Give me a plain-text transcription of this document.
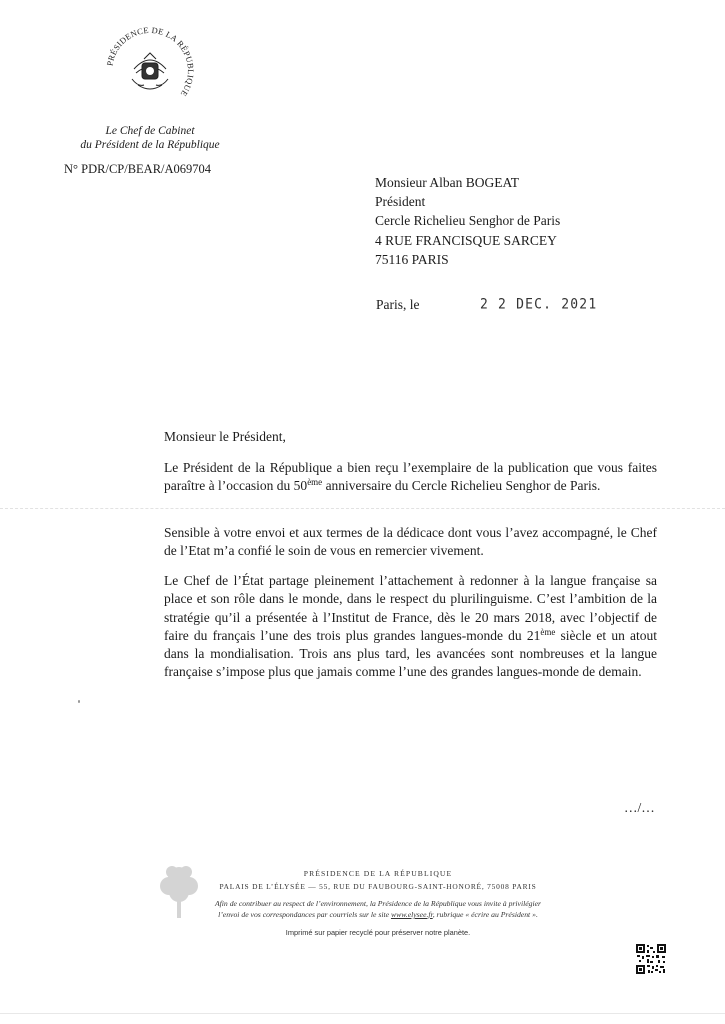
PRÉSIDENCE DE LA RÉPUBLIQUE
Le Chef de Cabinet
du Président de la République
N° PDR/CP/BEAR/A069704
Monsieur Alban BOGEAT
Président
Cercle Richelieu Senghor de Paris
4 RUE FRANCISQUE SARCEY
75116 PARIS
Paris, le	2 2 DEC. 2021
Monsieur le Président,
Le Président de la République a bien reçu l’exemplaire de la publication que vous faites paraître à l’occasion du 50ème anniversaire du Cercle Richelieu Senghor de Paris.
Sensible à votre envoi et aux termes de la dédicace dont vous l’avez accompagné, le Chef de l’Etat m’a confié le soin de vous en remercier vivement.
Le Chef de l’État partage pleinement l’attachement à redonner à la langue française sa place et son rôle dans le monde, dans le respect du plurilinguisme. C’est l’ambition de la stratégie qu’il a présentée à l’Institut de France, dès le 20 mars 2018, avec l’objectif de faire du français l’une des trois plus grandes langues-monde du 21ème siècle et un atout dans la mondialisation. Trois ans plus tard, les avancées sont nombreuses et la langue française s’impose plus que jamais comme l’une des grandes langues-monde de demain.
…/…
PRÉSIDENCE DE LA RÉPUBLIQUE
PALAIS DE L’ÉLYSÉE — 55, RUE DU FAUBOURG-SAINT-HONORÉ, 75008 PARIS
Afin de contribuer au respect de l’environnement, la Présidence de la République vous invite à privilégier
l’envoi de vos correspondances par courriels sur le site www.elysee.fr, rubrique « écrire au Président ».
Imprimé sur papier recyclé pour préserver notre planète.
